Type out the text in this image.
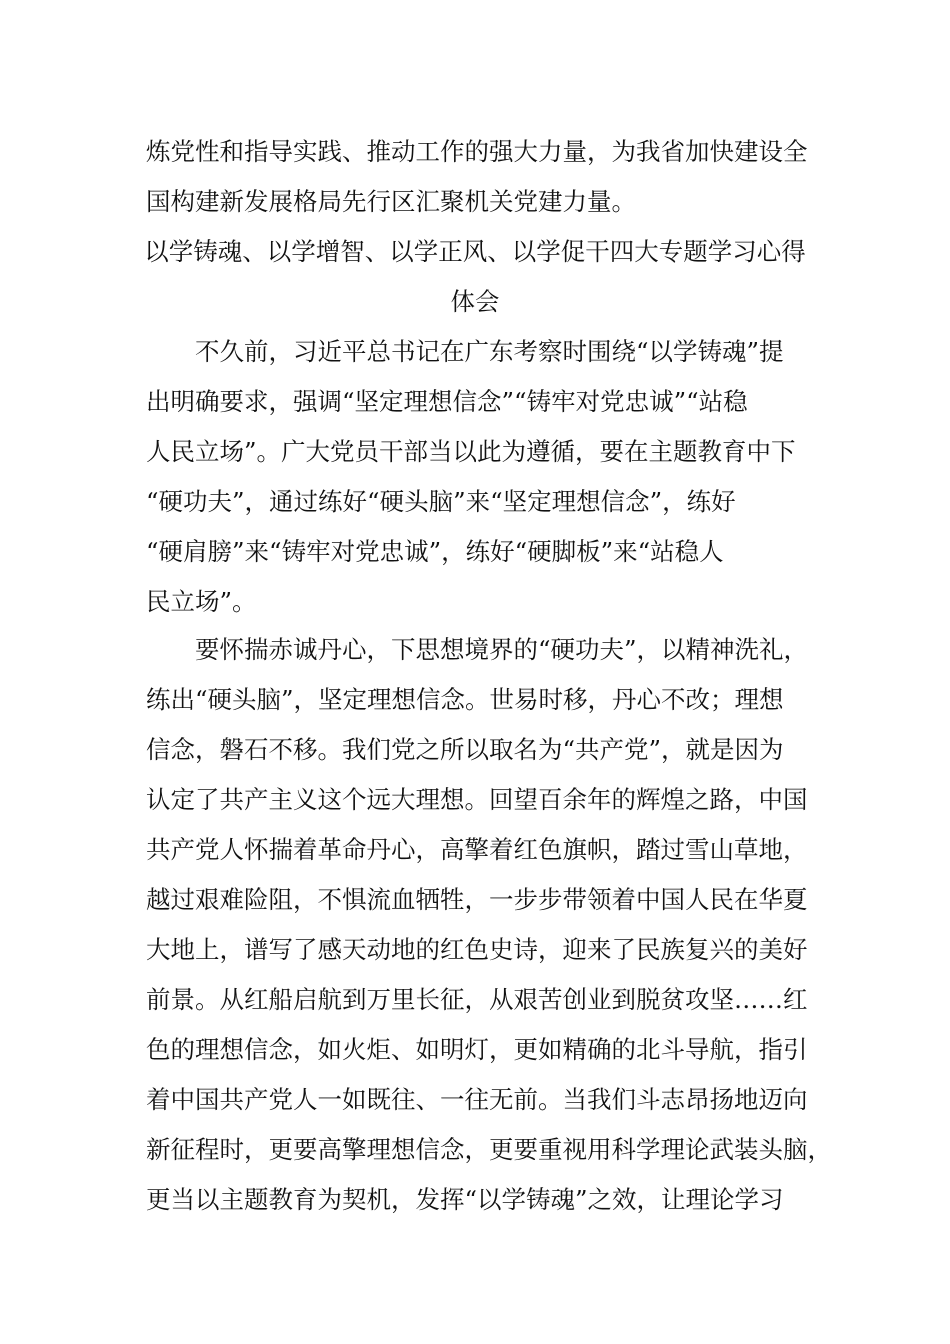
炼党性和指导实践、推动工作的强大力量，为我省加快建设全
国构建新发展格局先行区汇聚机关党建力量。
以学铸魂、以学增智、以学正风、以学促干四大专题学习心得
体会
　　不久前，习近平总书记在广东考察时围绕“以学铸魂”提
出明确要求，强调“坚定理想信念”“铸牢对党忠诚”“站稳
人民立场”。广大党员干部当以此为遵循，要在主题教育中下
“硬功夫”，通过练好“硬头脑”来“坚定理想信念”，练好
“硬肩膀”来“铸牢对党忠诚”，练好“硬脚板”来“站稳人
民立场”。
　　要怀揣赤诚丹心，下思想境界的“硬功夫”，以精神洗礼，
练出“硬头脑”，坚定理想信念。世易时移，丹心不改；理想
信念，磐石不移。我们党之所以取名为“共产党”，就是因为
认定了共产主义这个远大理想。回望百余年的辉煌之路，中国
共产党人怀揣着革命丹心，高擎着红色旗帜，踏过雪山草地，
越过艰难险阻，不惧流血牺牲，一步步带领着中国人民在华夏
大地上，谱写了感天动地的红色史诗，迎来了民族复兴的美好
前景。从红船启航到万里长征，从艰苦创业到脱贫攻坚……红
色的理想信念，如火炬、如明灯，更如精确的北斗导航，指引
着中国共产党人一如既往、一往无前。当我们斗志昂扬地迈向
新征程时，更要高擎理想信念，更要重视用科学理论武装头脑，
更当以主题教育为契机，发挥“以学铸魂”之效，让理论学习
